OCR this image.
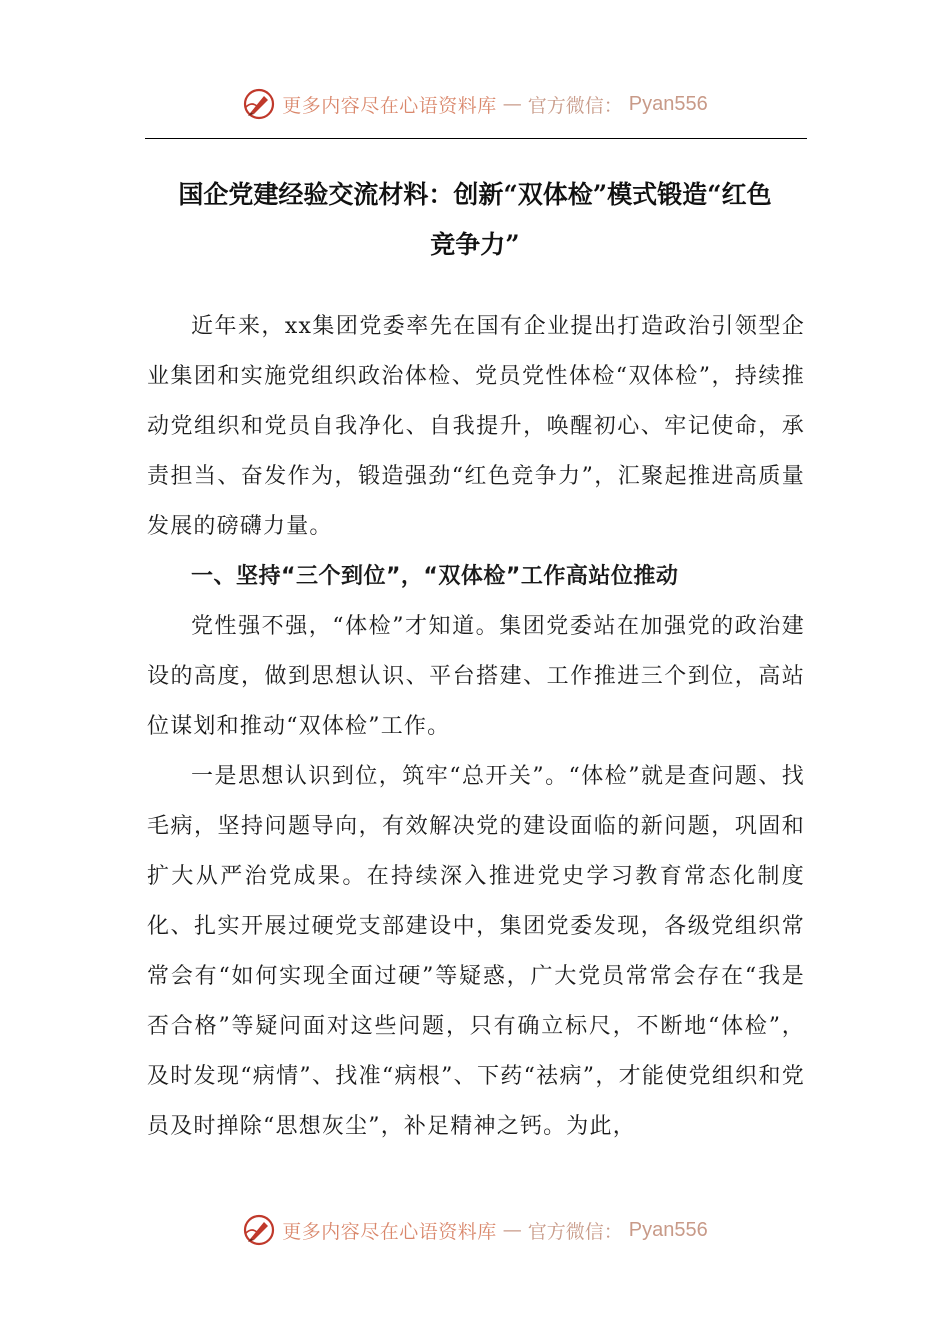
更多内容尽在心语资料库 — 官方微信： Pyan556
国企党建经验交流材料：创新“双体检”模式锻造“红色
竞争力”

近年来，xx集团党委率先在国有企业提出打造政治引领型企业集团和实施党组织政治体检、党员党性体检“双体检”，持续推动党组织和党员自我净化、自我提升，唤醒初心、牢记使命，承责担当、奋发作为，锻造强劲“红色竞争力”，汇聚起推进高质量发展的磅礴力量。

一、坚持“三个到位”，“双体检”工作高站位推动

党性强不强，“体检”才知道。集团党委站在加强党的政治建设的高度，做到思想认识、平台搭建、工作推进三个到位，高站位谋划和推动“双体检”工作。

一是思想认识到位，筑牢“总开关”。“体检”就是查问题、找毛病，坚持问题导向，有效解决党的建设面临的新问题，巩固和扩大从严治党成果。在持续深入推进党史学习教育常态化制度化、扎实开展过硬党支部建设中，集团党委发现，各级党组织常常会有“如何实现全面过硬”等疑惑，广大党员常常会存在“我是否合格”等疑问面对这些问题，只有确立标尺，不断地“体检”，及时发现“病情”、找准“病根”、下药“祛病”，才能使党组织和党员及时掸除“思想灰尘”，补足精神之钙。为此，

更多内容尽在心语资料库 — 官方微信： Pyan556
